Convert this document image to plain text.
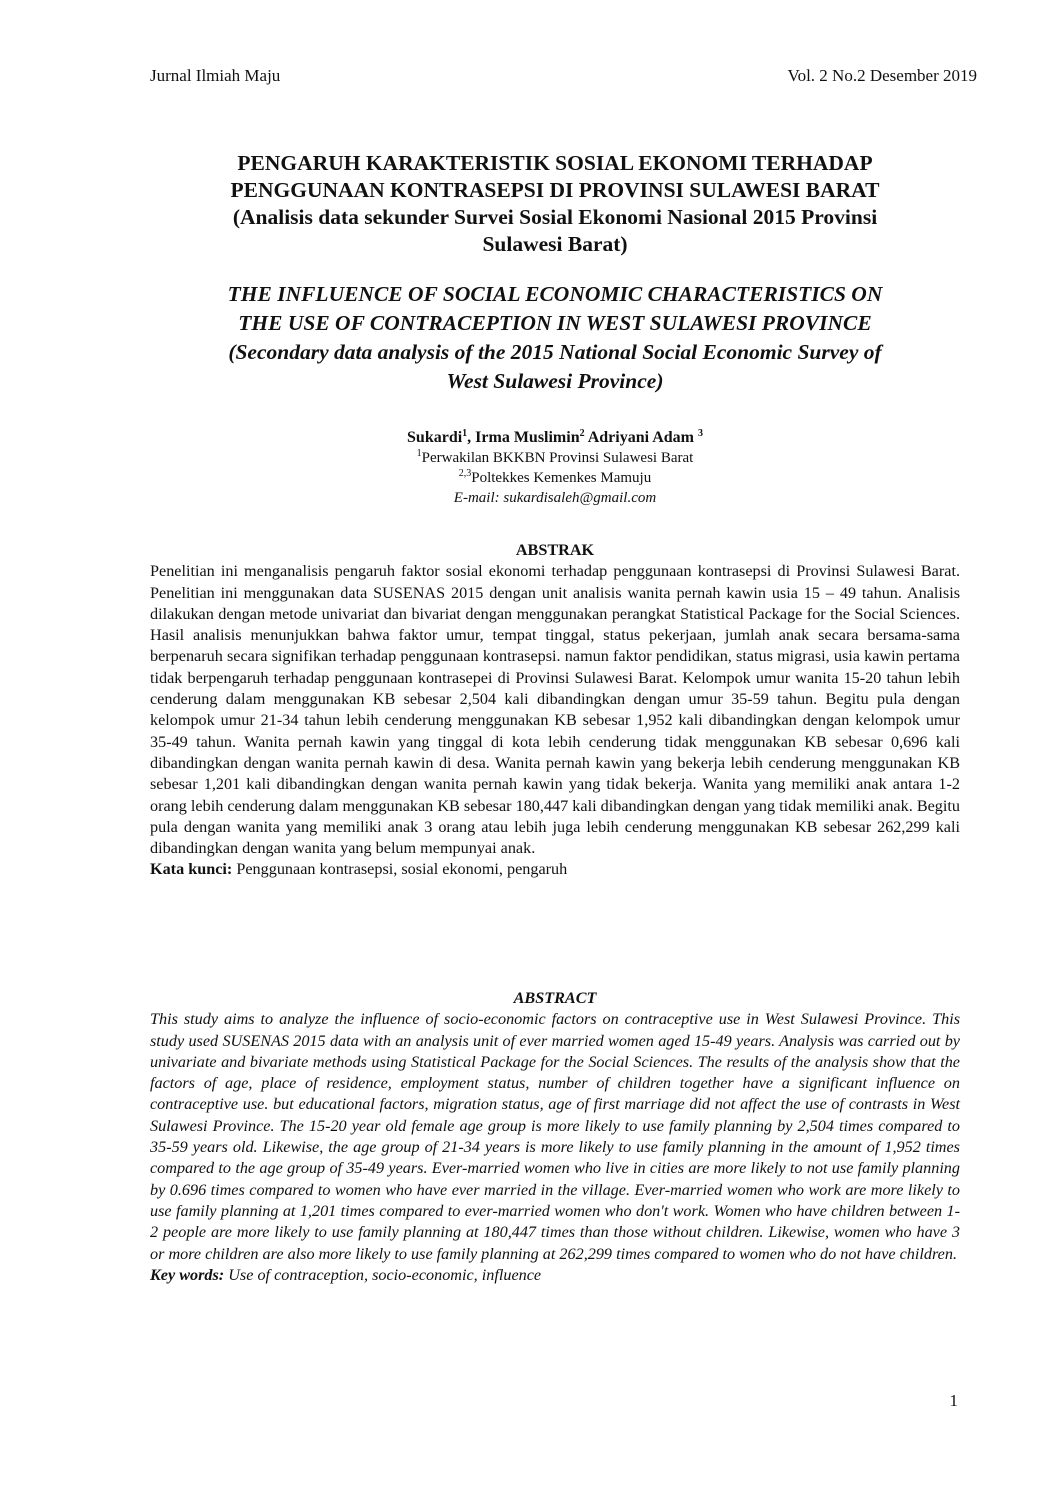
Jurnal Ilmiah Maju	Vol. 2 No.2 Desember 2019

PENGARUH KARAKTERISTIK SOSIAL EKONOMI TERHADAP
PENGGUNAAN KONTRASEPSI DI PROVINSI SULAWESI BARAT
(Analisis data sekunder Survei Sosial Ekonomi Nasional 2015 Provinsi
Sulawesi Barat)

THE INFLUENCE OF SOCIAL ECONOMIC CHARACTERISTICS ON
THE USE OF CONTRACEPTION IN WEST SULAWESI PROVINCE
(Secondary data analysis of the 2015 National Social Economic Survey of
West Sulawesi Province)

Sukardi$^1$, Irma Muslimin$^2$ Adriyani Adam $^3$
$^1$Perwakilan BKKBN Provinsi Sulawesi Barat
$^{2,3}$Poltekkes Kemenkes Mamuju
E-mail: sukardisaleh@gmail.com

ABSTRAK

Penelitian ini menganalisis pengaruh faktor sosial ekonomi terhadap penggunaan kontrasepsi di Provinsi Sulawesi Barat. Penelitian ini menggunakan data SUSENAS 2015 dengan unit analisis wanita pernah kawin usia 15 – 49 tahun. Analisis dilakukan dengan metode univariat dan bivariat dengan menggunakan perangkat Statistical Package for the Social Sciences. Hasil analisis menunjukkan bahwa faktor umur, tempat tinggal, status pekerjaan, jumlah anak secara bersama-sama berpenaruh secara signifikan terhadap penggunaan kontrasepsi. namun faktor pendidikan, status migrasi, usia kawin pertama tidak berpengaruh terhadap penggunaan kontrasepei di Provinsi Sulawesi Barat. Kelompok umur wanita 15-20 tahun lebih cenderung dalam menggunakan KB sebesar 2,504 kali dibandingkan dengan umur 35-59 tahun. Begitu pula dengan kelompok umur 21-34 tahun lebih cenderung menggunakan KB sebesar 1,952 kali dibandingkan dengan kelompok umur 35-49 tahun. Wanita pernah kawin yang tinggal di kota lebih cenderung tidak menggunakan KB sebesar 0,696 kali dibandingkan dengan wanita pernah kawin di desa. Wanita pernah kawin yang bekerja lebih cenderung menggunakan KB sebesar 1,201 kali dibandingkan dengan wanita pernah kawin yang tidak bekerja. Wanita yang memiliki anak antara 1-2 orang lebih cenderung dalam menggunakan KB sebesar 180,447 kali dibandingkan dengan yang tidak memiliki anak. Begitu pula dengan wanita yang memiliki anak 3 orang atau lebih juga lebih cenderung menggunakan KB sebesar 262,299 kali dibandingkan dengan wanita yang belum mempunyai anak.

Kata kunci: Penggunaan kontrasepsi, sosial ekonomi, pengaruh

ABSTRACT

This study aims to analyze the influence of socio-economic factors on contraceptive use in West Sulawesi Province. This study used SUSENAS 2015 data with an analysis unit of ever married women aged 15-49 years. Analysis was carried out by univariate and bivariate methods using Statistical Package for the Social Sciences. The results of the analysis show that the factors of age, place of residence, employment status, number of children together have a significant influence on contraceptive use. but educational factors, migration status, age of first marriage did not affect the use of contrasts in West Sulawesi Province. The 15-20 year old female age group is more likely to use family planning by 2,504 times compared to 35-59 years old. Likewise, the age group of 21-34 years is more likely to use family planning in the amount of 1,952 times compared to the age group of 35-49 years. Ever-married women who live in cities are more likely to not use family planning by 0.696 times compared to women who have ever married in the village. Ever-married women who work are more likely to use family planning at 1,201 times compared to ever-married women who don't work. Women who have children between 1-2 people are more likely to use family planning at 180,447 times than those without children. Likewise, women who have 3 or more children are also more likely to use family planning at 262,299 times compared to women who do not have children.

Key words: Use of contraception, socio-economic, influence

1
